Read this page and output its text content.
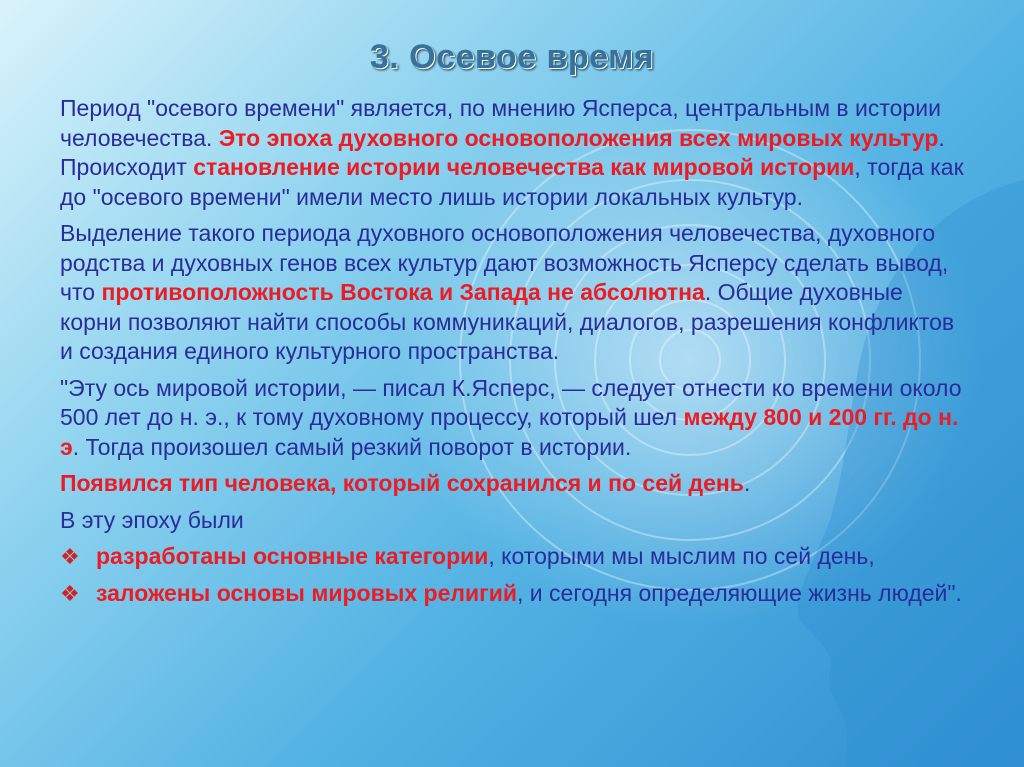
3. Осевое время

Период "осевого времени" является, по мнению Ясперса, центральным в истории человечества. Это эпоха духовного основоположения всех мировых культур. Происходит становление истории человечества как мировой истории, тогда как до "осевого времени" имели место лишь истории локальных культур.

Выделение такого периода духовного основоположения человечества, духовного родства и духовных генов всех культур дают возможность Ясперсу сделать вывод, что противоположность Востока и Запада не абсолютна. Общие духовные корни позволяют найти способы коммуникаций, диалогов, разрешения конфликтов и создания единого культурного пространства.

"Эту ось мировой истории, — писал К.Ясперс, — следует отнести ко времени около 500 лет до н. э., к тому духовному процессу, который шел между 800 и 200 гг. до н. э. Тогда произошел самый резкий поворот в истории.

Появился тип человека, который сохранился и по сей день.

В эту эпоху были

❖ разработаны основные категории, которыми мы мыслим по сей день,
❖ заложены основы мировых религий, и сегодня определяющие жизнь людей".
